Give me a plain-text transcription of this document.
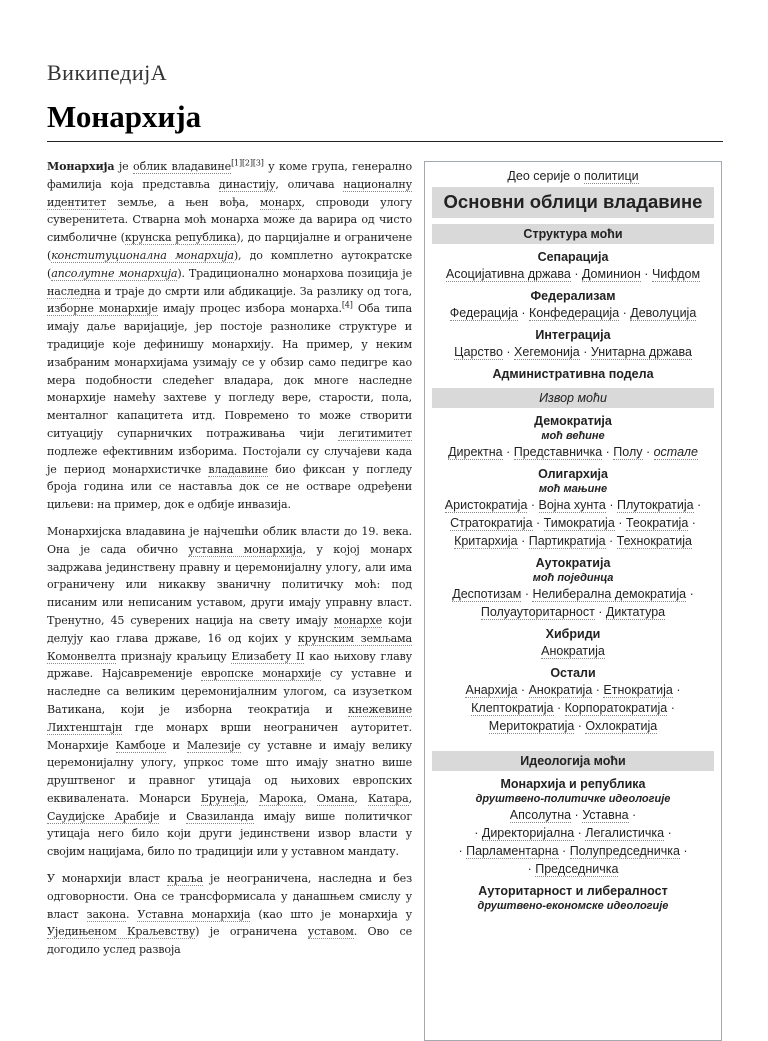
ВикипедијА
Монархија

Монархија је облик владавине[1][2][3] у коме група, генерално фамилија која представља династију, оличава националну идентитет земље, а њен вођа, монарх, спроводи улогу суверенитета. Стварна моћ монарха може да варира од чисто симболичне (крунска република), до парцијалне и ограничене (конституционална монархија), до комплетно аутократске (апсолутне монархија). Традиционално монархова позиција је наследна и траје до смрти или абдикације. За разлику од тога, изборне монархије имају процес избора монарха.[4] Оба типа имају даље варијације, јер постоје разноликe структуре и традиције које дефинишу монархију. На пример, у неким изабраним монархијама узимају се у обзир само педигре као мера подобности следећег владара, док многе наследне монархије намећу захтеве у погледу вере, старости, пола, менталног капацитета итд. Повремено то може створити ситуацију супарничких потраживања чији легитимитет подлеже ефективним изборима. Постојали су случајеви када је период монархистичке владавине био фиксан у погледу броја година или се наставља док се не остваре одређени циљеви: на пример, док е одбије инвазија.

Монархијска владавина је најчешћи облик власти до 19. века. Она је сада обично уставна монархија, у којој монарх задржава јединствену правну и церемонијалну улогу, али има ограничену или никакву званичну политичку моћ: под писаним или неписаним уставом, други имају управну власт. Тренутно, 45 суверених нација на свету имају монархе који делују као глава државе, 16 од којих у крунским земљама Комонвелта признају краљицу Елизабету II као њихову главу државе. Најсавременије европске монархије су уставне и наследне са великим церемонијалним улогом, са изузетком Ватикана, који је изборна теократија и кнежевине Лихтенштајн где монарх врши неограничен ауторитет. Монархије Камбоџе и Малезије су уставне и имају велику церемонијалну улогу, упркос томе што имају знатно више друштвеног и правног утицаја од њихових европских еквивалената. Монарси Брунеја, Марока, Омана, Катара, Саудијске Арабије и Свазиланда имају више политичког утицаја него било који други јединствени извор власти у својим нацијама, било по традицији или у уставном мандату.

У монархији власт краља је неограничена, наследна и без одговорности. Она се трансформисала у данашњем смислу у власт закона. Уставна монархија (као што је монархија у Уједињеном Краљевству) је ограничена уставом. Ово се догодило услед развоја

Део серије о политици
Основни облици владавине
Структура моћи
Сепарација
Асоцијативна држава · Доминион · Чифдом
Федерализам
Федерација · Конфедерација · Деволуција
Интеграција
Царство · Хегемонија · Унитарна држава
Административна подела
Извор моћи
Демократија
моћ већине
Директна · Представничка · Полу · остале
Олигархија
моћ мањине
Аристократија · Војна хунта · Плутократија ·
Стратократија · Тимократија · Теократија ·
Критархија · Партикратија · Технократија
Аутократија
моћ појединца
Деспотизам · Нелиберална демократија ·
Полуауторитарност · Диктатура
Хибриди
Анократија
Остали
Анархија · Анократија · Етнократија ·
Клептократија · Корпоратократија ·
Меритократија · Охлократија
Идеологија моћи
Монархија и република
друштвено-политичке идеологије
Апсолутна · Уставна ·
· Директоријална · Легалистичка ·
· Парламентарна · Полупредседничка ·
· Председничка
Ауторитарност и либералност
друштвено-економске идеологије
